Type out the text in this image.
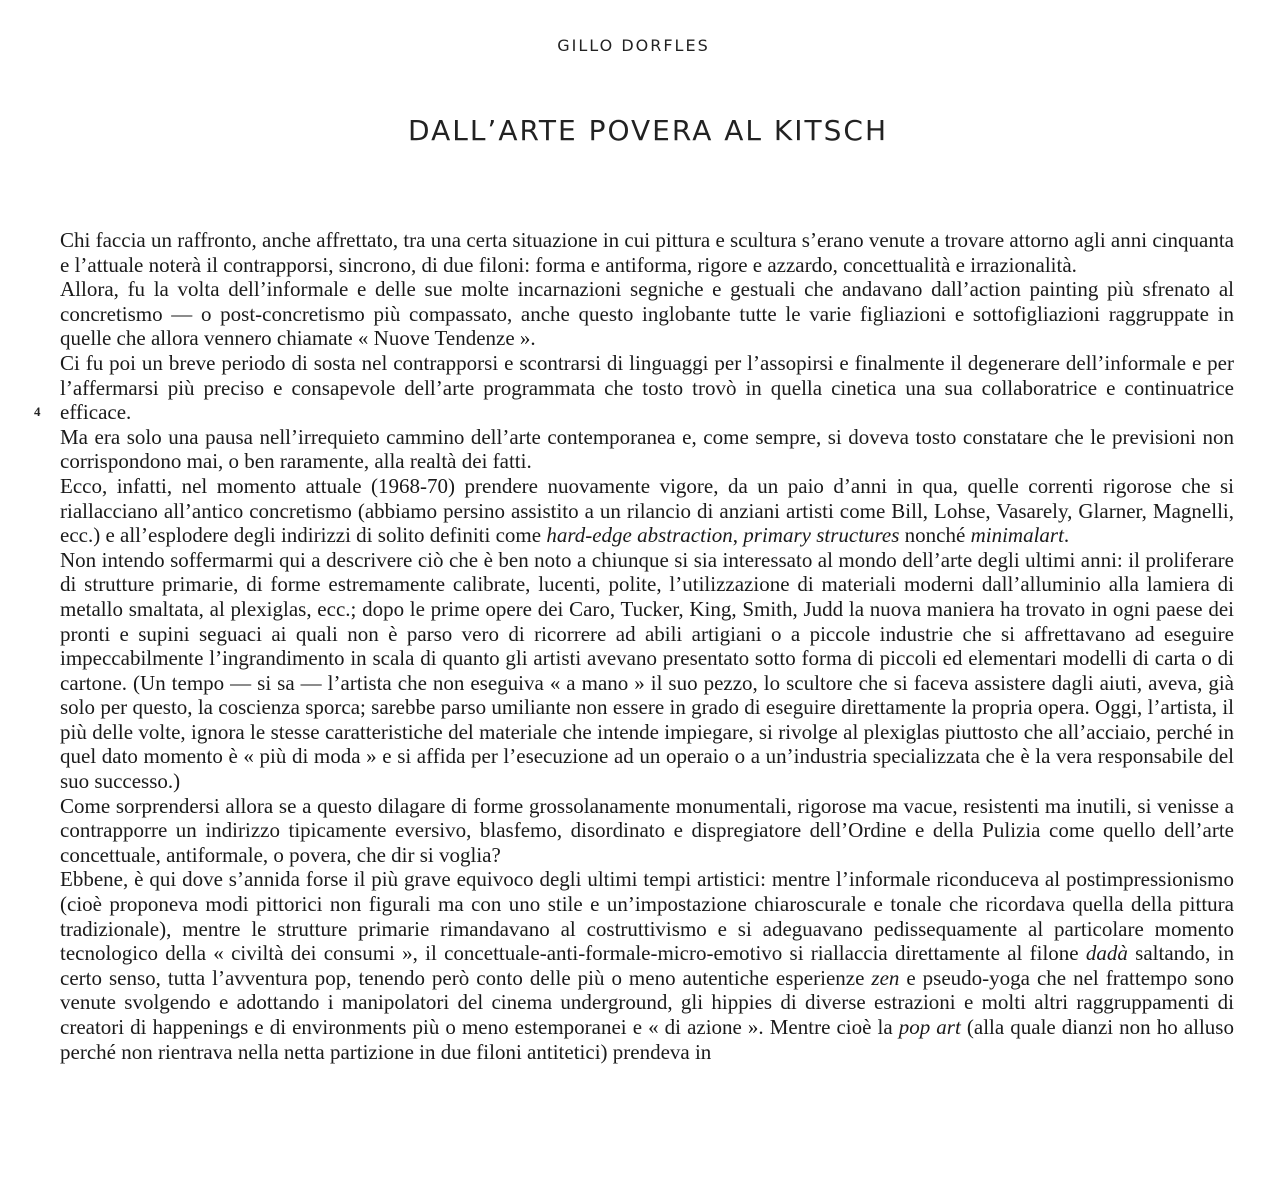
GILLO DORFLES
DALL’ARTE POVERA AL KITSCH
4

Chi faccia un raffronto, anche affrettato, tra una certa situazione in cui pittura e scultura s’erano venute a trovare attorno agli anni cinquanta e l’attuale noterà il contrapporsi, sincrono, di due filoni: forma e antiforma, rigore e azzardo, concettualità e irrazionalità.

Allora, fu la volta dell’informale e delle sue molte incarnazioni segniche e gestuali che andavano dall’action painting più sfrenato al concretismo — o post-concretismo più compassato, anche questo inglobante tutte le varie figliazioni e sottofigliazioni raggruppate in quelle che allora vennero chiamate « Nuove Tendenze ».

Ci fu poi un breve periodo di sosta nel contrapporsi e scontrarsi di linguaggi per l’assopirsi e finalmente il degenerare dell’informale e per l’affermarsi più preciso e consapevole dell’arte programmata che tosto trovò in quella cinetica una sua collaboratrice e continuatrice efficace.

Ma era solo una pausa nell’irrequieto cammino dell’arte contemporanea e, come sempre, si doveva tosto constatare che le previsioni non corrispondono mai, o ben raramente, alla realtà dei fatti.

Ecco, infatti, nel momento attuale (1968-70) prendere nuovamente vigore, da un paio d’anni in qua, quelle correnti rigorose che si riallacciano all’antico concretismo (abbiamo persino assistito a un rilancio di anziani artisti come Bill, Lohse, Vasarely, Glarner, Magnelli, ecc.) e all’esplodere degli indirizzi di solito definiti come hard-edge abstraction, primary structures nonché minimalart.

Non intendo soffermarmi qui a descrivere ciò che è ben noto a chiunque si sia interessato al mondo dell’arte degli ultimi anni: il proliferare di strutture primarie, di forme estremamente calibrate, lucenti, polite, l’utilizzazione di materiali moderni dall’alluminio alla lamiera di metallo smaltata, al plexiglas, ecc.; dopo le prime opere dei Caro, Tucker, King, Smith, Judd la nuova maniera ha trovato in ogni paese dei pronti e supini seguaci ai quali non è parso vero di ricorrere ad abili artigiani o a piccole industrie che si affrettavano ad eseguire impeccabilmente l’ingrandimento in scala di quanto gli artisti avevano presentato sotto forma di piccoli ed elementari modelli di carta o di cartone. (Un tempo — si sa — l’artista che non eseguiva « a mano » il suo pezzo, lo scultore che si faceva assistere dagli aiuti, aveva, già solo per questo, la coscienza sporca; sarebbe parso umiliante non essere in grado di eseguire direttamente la propria opera. Oggi, l’artista, il più delle volte, ignora le stesse caratteristiche del materiale che intende impiegare, si rivolge al plexiglas piuttosto che all’acciaio, perché in quel dato momento è « più di moda » e si affida per l’esecuzione ad un operaio o a un’industria specializzata che è la vera responsabile del suo successo.)

Come sorprendersi allora se a questo dilagare di forme grossolanamente monumentali, rigorose ma vacue, resistenti ma inutili, si venisse a contrapporre un indirizzo tipicamente eversivo, blasfemo, disordinato e dispregiatore dell’Ordine e della Pulizia come quello dell’arte concettuale, antiformale, o povera, che dir si voglia?

Ebbene, è qui dove s’annida forse il più grave equivoco degli ultimi tempi artistici: mentre l’informale riconduceva al postimpressionismo (cioè proponeva modi pittorici non figurali ma con uno stile e un’impostazione chiaroscurale e tonale che ricordava quella della pittura tradizionale), mentre le strutture primarie rimandavano al costruttivismo e si adeguavano pedissequamente al particolare momento tecnologico della « civiltà dei consumi », il concettuale-anti-formale-micro-emotivo si riallaccia direttamente al filone dadà saltando, in certo senso, tutta l’avventura pop, tenendo però conto delle più o meno autentiche esperienze zen e pseudo-yoga che nel frattempo sono venute svolgendo e adottando i manipolatori del cinema underground, gli hippies di diverse estrazioni e molti altri raggruppamenti di creatori di happenings e di environments più o meno estemporanei e « di azione ». Mentre cioè la pop art (alla quale dianzi non ho alluso perché non rientrava nella netta partizione in due filoni antitetici) prendeva in
